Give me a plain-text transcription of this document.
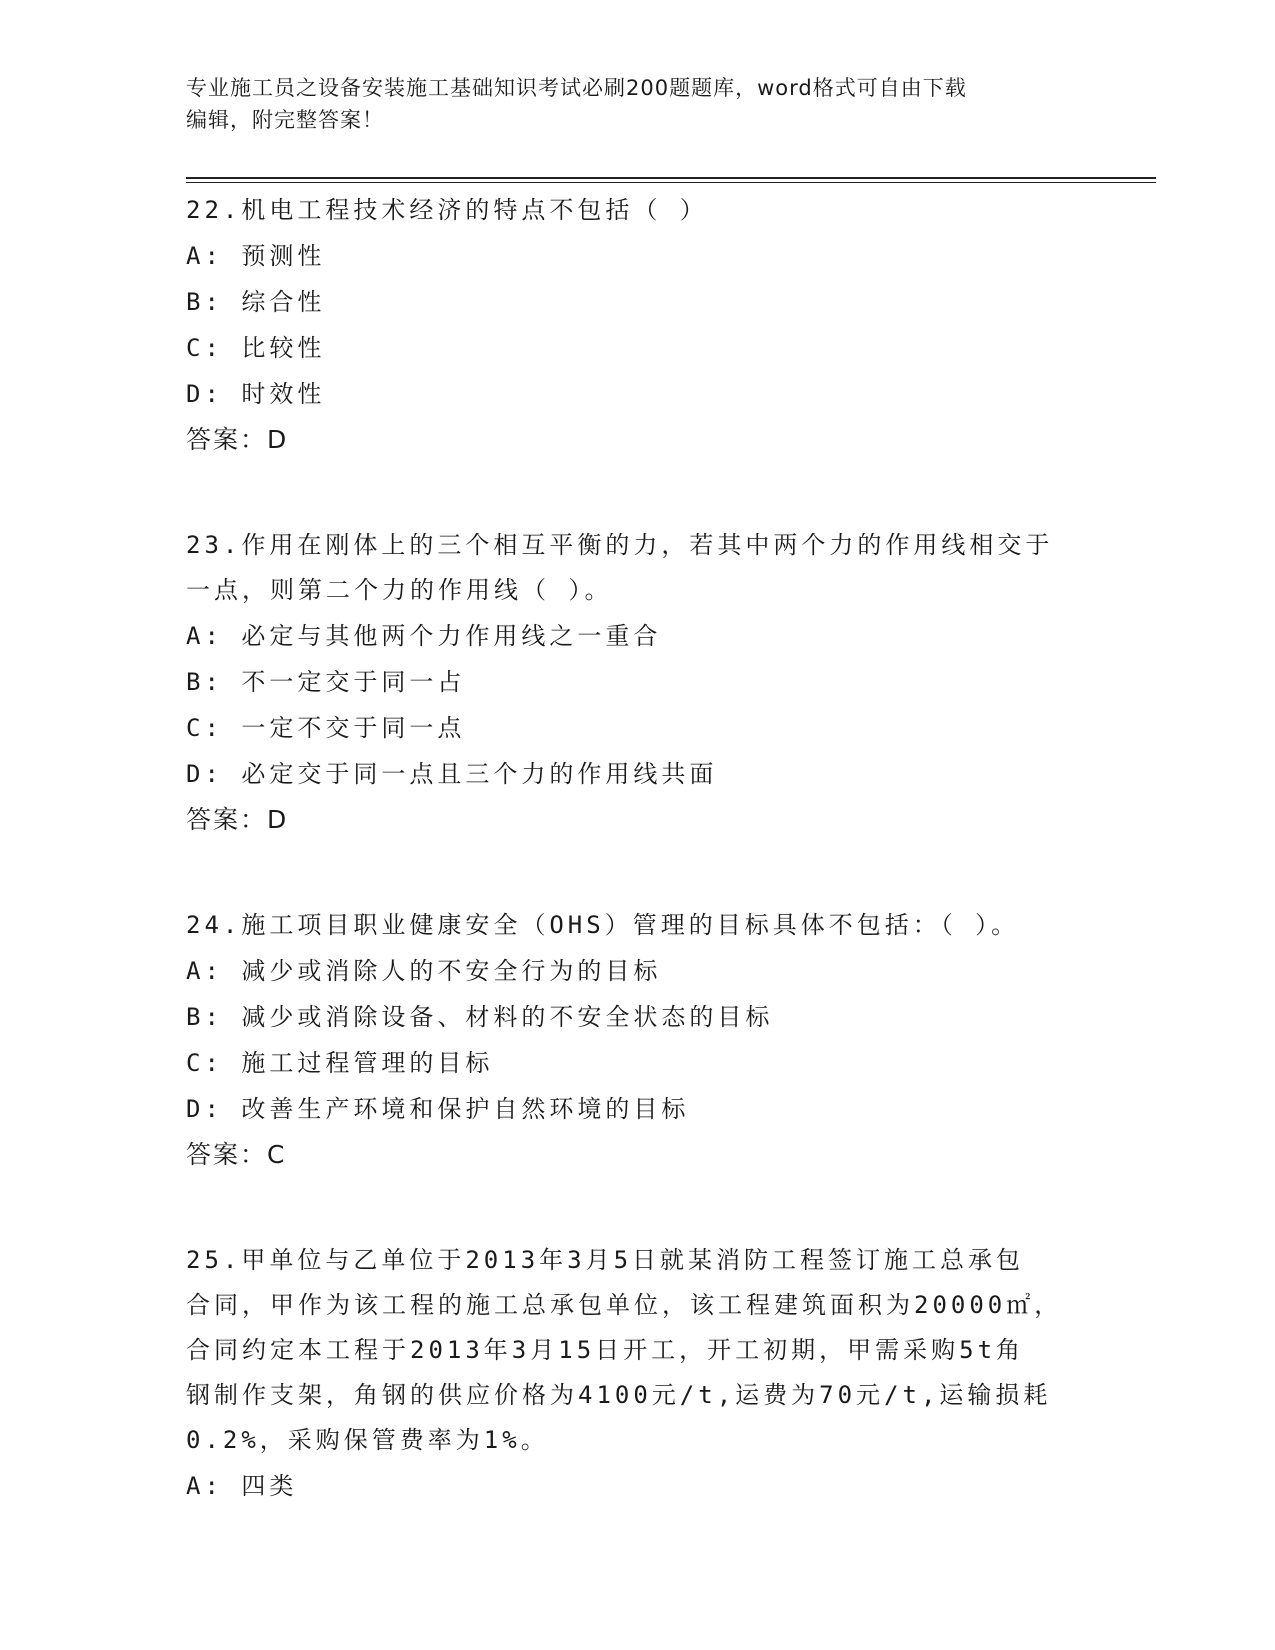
专业施工员之设备安装施工基础知识考试必刷200题题库，word格式可自由下载
编辑，附完整答案！

22.机电工程技术经济的特点不包括（ ）

A: 预测性

B: 综合性

C: 比较性

D: 时效性

答案：D

23.作用在刚体上的三个相互平衡的力，若其中两个力的作用线相交于

一点，则第二个力的作用线（ ）。

A: 必定与其他两个力作用线之一重合

B: 不一定交于同一占

C: 一定不交于同一点

D: 必定交于同一点且三个力的作用线共面

答案：D

24.施工项目职业健康安全（OHS）管理的目标具体不包括：（ ）。

A: 减少或消除人的不安全行为的目标

B: 减少或消除设备、材料的不安全状态的目标

C: 施工过程管理的目标

D: 改善生产环境和保护自然环境的目标

答案：C

25.甲单位与乙单位于2013年3月5日就某消防工程签订施工总承包

合同，甲作为该工程的施工总承包单位，该工程建筑面积为20000㎡，

合同约定本工程于2013年3月15日开工，开工初期，甲需采购5t角

钢制作支架，角钢的供应价格为4100元/t,运费为70元/t,运输损耗

0.2%，采购保管费率为1%。

A: 四类
